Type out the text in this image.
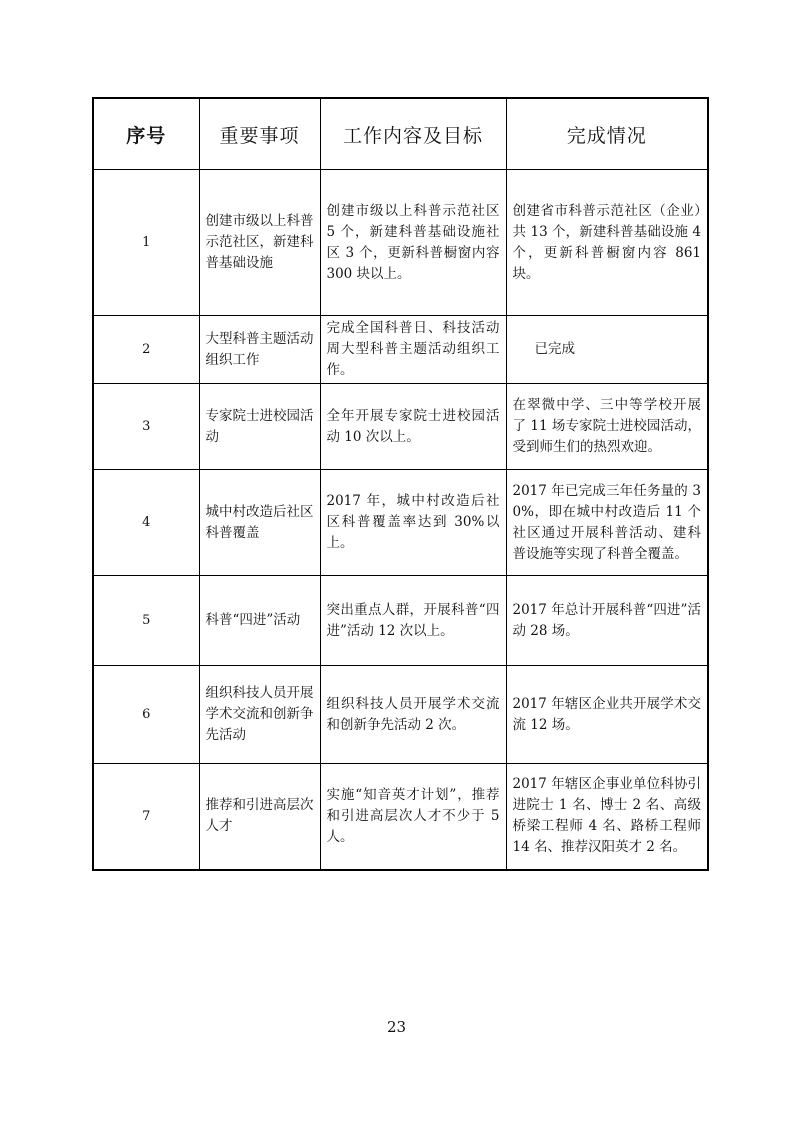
序号	重要事项	工作内容及目标	完成情况
1	创建市级以上科普示范社区，新建科普基础设施	创建市级以上科普示范社区 5 个，新建科普基础设施社区 3 个，更新科普橱窗内容 300 块以上。	创建省市科普示范社区（企业）共 13 个，新建科普基础设施 4 个，更新科普橱窗内容 861 块。
2	大型科普主题活动组织工作	完成全国科普日、科技活动周大型科普主题活动组织工作。	已完成
3	专家院士进校园活动	全年开展专家院士进校园活动 10 次以上。	在翠微中学、三中等学校开展了 11 场专家院士进校园活动，受到师生们的热烈欢迎。
4	城中村改造后社区科普覆盖	2017 年，城中村改造后社区科普覆盖率达到 30%以上。	2017 年已完成三年任务量的 30%，即在城中村改造后 11 个社区通过开展科普活动、建科普设施等实现了科普全覆盖。
5	科普“四进”活动	突出重点人群，开展科普“四进”活动 12 次以上。	2017 年总计开展科普“四进”活动 28 场。
6	组织科技人员开展学术交流和创新争先活动	组织科技人员开展学术交流和创新争先活动 2 次。	2017 年辖区企业共开展学术交流 12 场。
7	推荐和引进高层次人才	实施“知音英才计划”，推荐和引进高层次人才不少于 5 人。	2017 年辖区企事业单位科协引进院士 1 名、博士 2 名、高级桥梁工程师 4 名、路桥工程师 14 名、推荐汉阳英才 2 名。
23
